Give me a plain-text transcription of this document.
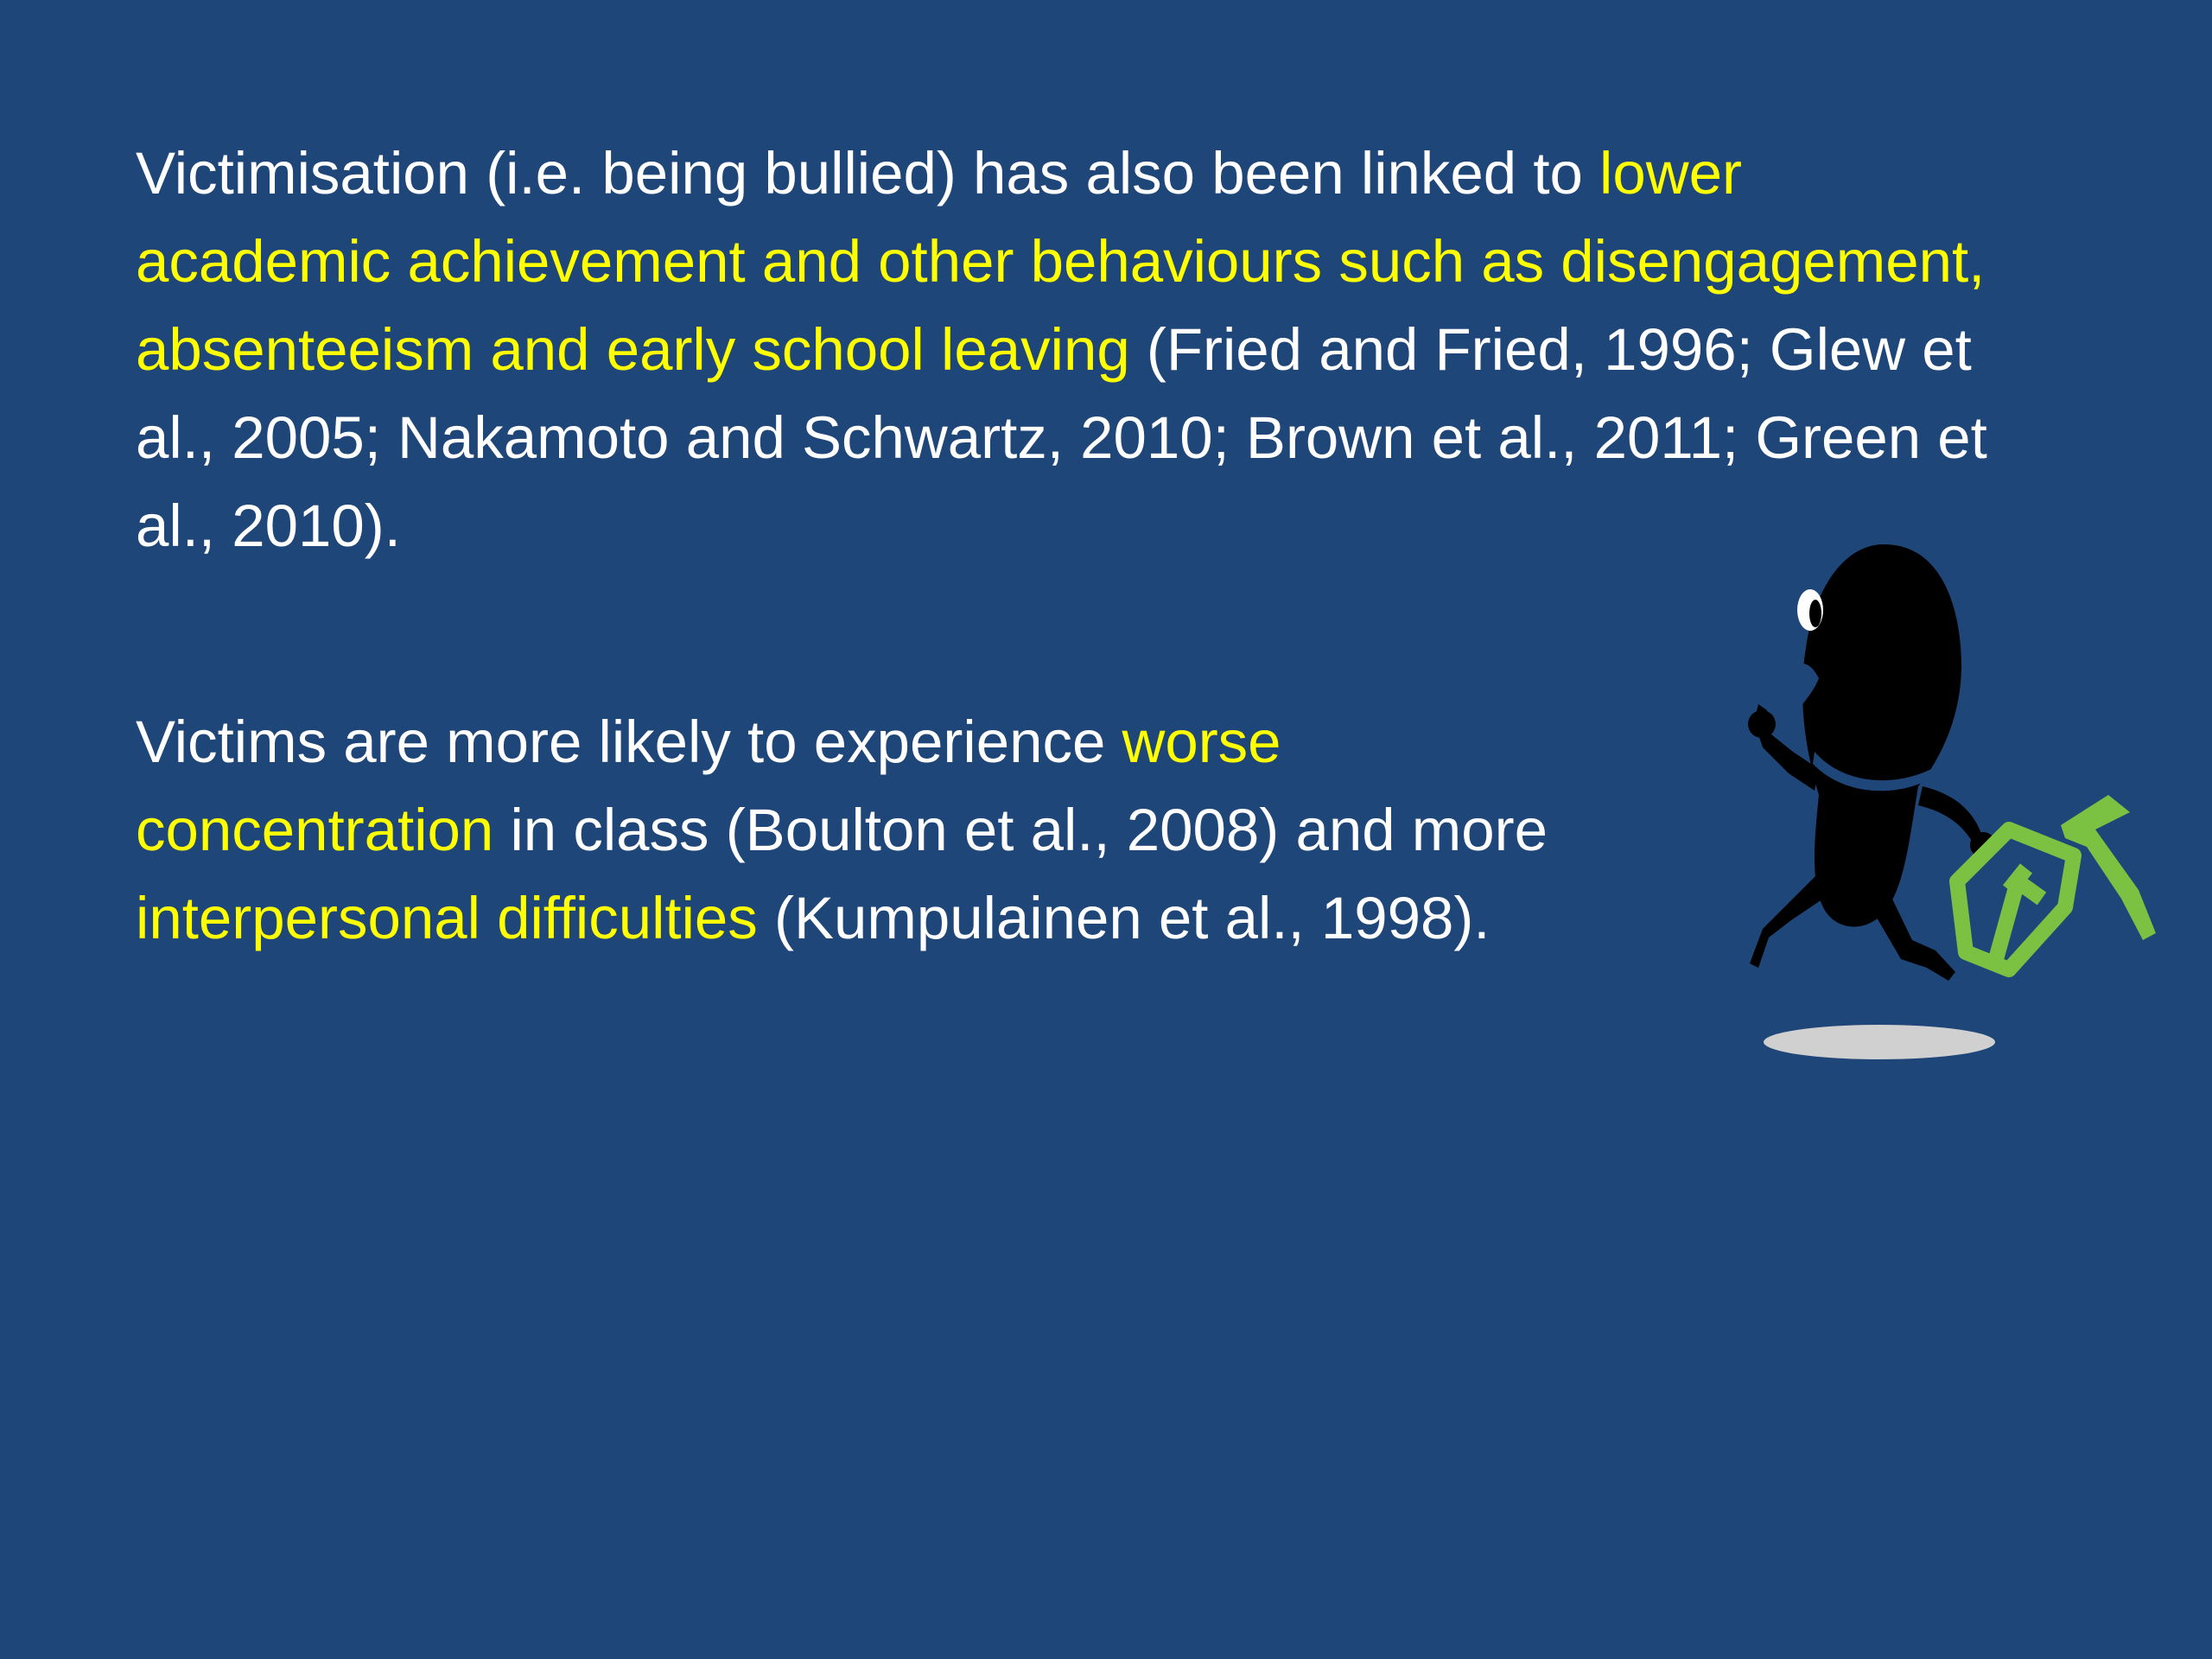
Victimisation (i.e. being bullied) has also been linked to lower academic achievement and other behaviours such as disengagement, absenteeism and early school leaving (Fried and Fried, 1996; Glew et al., 2005; Nakamoto and Schwartz, 2010; Brown et al., 2011; Green et al., 2010).

Victims are more likely to experience worse concentration in class (Boulton et al., 2008) and more interpersonal difficulties (Kumpulainen et al., 1998).
